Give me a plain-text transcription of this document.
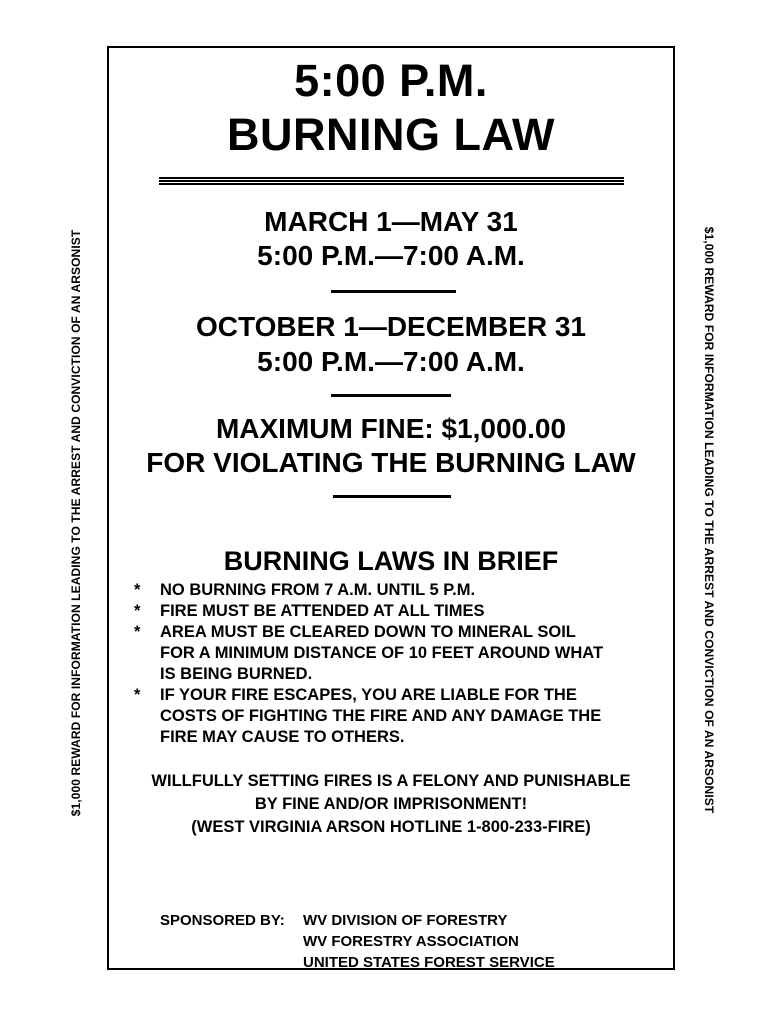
$1,000 REWARD FOR INFORMATION LEADING TO THE ARREST AND CONVICTION OF AN ARSONIST	$1,000 REWARD FOR INFORMATION LEADING TO THE ARREST AND CONVICTION OF AN ARSONIST
5:00 P.M.
BURNING LAW
MARCH 1—MAY 31
5:00 P.M.—7:00 A.M.
OCTOBER 1—DECEMBER 31
5:00 P.M.—7:00 A.M.
MAXIMUM FINE: $1,000.00
FOR VIOLATING THE BURNING LAW
BURNING LAWS IN BRIEF
*	NO BURNING FROM 7 A.M. UNTIL 5 P.M.
*	FIRE MUST BE ATTENDED AT ALL TIMES
*	AREA MUST BE CLEARED DOWN TO MINERAL SOIL
FOR A MINIMUM DISTANCE OF 10 FEET AROUND WHAT
IS BEING BURNED.
*	IF YOUR FIRE ESCAPES, YOU ARE LIABLE FOR THE
COSTS OF FIGHTING THE FIRE AND ANY DAMAGE THE
FIRE MAY CAUSE TO OTHERS.
WILLFULLY SETTING FIRES IS A FELONY AND PUNISHABLE
BY FINE AND/OR IMPRISONMENT!
(WEST VIRGINIA ARSON HOTLINE 1-800-233-FIRE)
SPONSORED BY: WV DIVISION OF FORESTRY
WV FORESTRY ASSOCIATION
UNITED STATES FOREST SERVICE
